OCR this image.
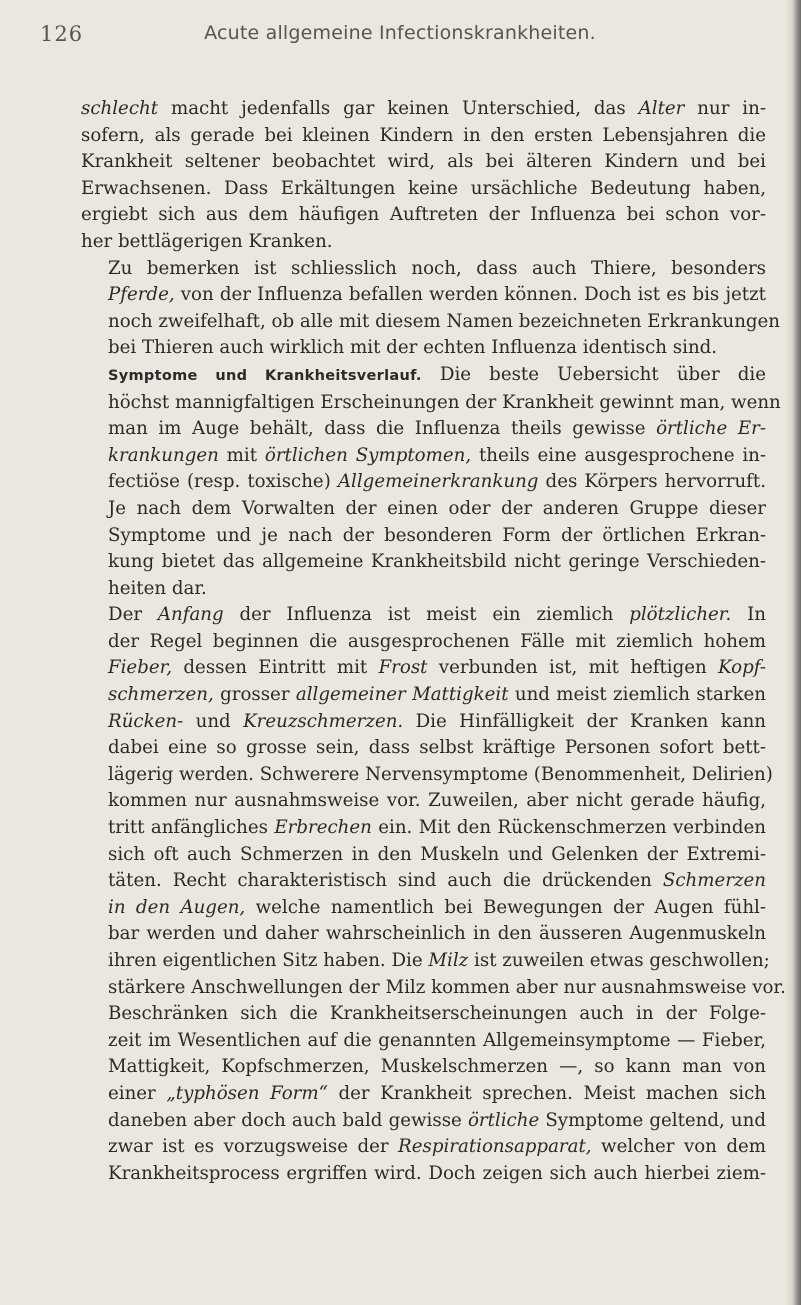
126	Acute allgemeine Infectionskrankheiten.

schlecht macht jedenfalls gar keinen Unterschied, das Alter nur in-
sofern, als gerade bei kleinen Kindern in den ersten Lebensjahren die
Krankheit seltener beobachtet wird, als bei älteren Kindern und bei
Erwachsenen. Dass Erkältungen keine ursächliche Bedeutung haben,
ergiebt sich aus dem häufigen Auftreten der Influenza bei schon vor-
her bettlägerigen Kranken.

Zu bemerken ist schliesslich noch, dass auch Thiere, besonders
Pferde, von der Influenza befallen werden können. Doch ist es bis jetzt
noch zweifelhaft, ob alle mit diesem Namen bezeichneten Erkrankungen
bei Thieren auch wirklich mit der echten Influenza identisch sind.

Symptome und Krankheitsverlauf. Die beste Uebersicht über die
höchst mannigfaltigen Erscheinungen der Krankheit gewinnt man, wenn
man im Auge behält, dass die Influenza theils gewisse örtliche Er-
krankungen mit örtlichen Symptomen, theils eine ausgesprochene in-
fectiöse (resp. toxische) Allgemeinerkrankung des Körpers hervorruft.
Je nach dem Vorwalten der einen oder der anderen Gruppe dieser
Symptome und je nach der besonderen Form der örtlichen Erkran-
kung bietet das allgemeine Krankheitsbild nicht geringe Verschieden-
heiten dar.

Der Anfang der Influenza ist meist ein ziemlich plötzlicher. In
der Regel beginnen die ausgesprochenen Fälle mit ziemlich hohem
Fieber, dessen Eintritt mit Frost verbunden ist, mit heftigen Kopf-
schmerzen, grosser allgemeiner Mattigkeit und meist ziemlich starken
Rücken- und Kreuzschmerzen. Die Hinfälligkeit der Kranken kann
dabei eine so grosse sein, dass selbst kräftige Personen sofort bett-
lägerig werden. Schwerere Nervensymptome (Benommenheit, Delirien)
kommen nur ausnahmsweise vor. Zuweilen, aber nicht gerade häufig,
tritt anfängliches Erbrechen ein. Mit den Rückenschmerzen verbinden
sich oft auch Schmerzen in den Muskeln und Gelenken der Extremi-
täten. Recht charakteristisch sind auch die drückenden Schmerzen
in den Augen, welche namentlich bei Bewegungen der Augen fühl-
bar werden und daher wahrscheinlich in den äusseren Augenmuskeln
ihren eigentlichen Sitz haben. Die Milz ist zuweilen etwas geschwollen;
stärkere Anschwellungen der Milz kommen aber nur ausnahmsweise vor.

Beschränken sich die Krankheitserscheinungen auch in der Folge-
zeit im Wesentlichen auf die genannten Allgemeinsymptome — Fieber,
Mattigkeit, Kopfschmerzen, Muskelschmerzen —, so kann man von
einer „typhösen Form“ der Krankheit sprechen. Meist machen sich
daneben aber doch auch bald gewisse örtliche Symptome geltend, und
zwar ist es vorzugsweise der Respirationsapparat, welcher von dem
Krankheitsprocess ergriffen wird. Doch zeigen sich auch hierbei ziem-
